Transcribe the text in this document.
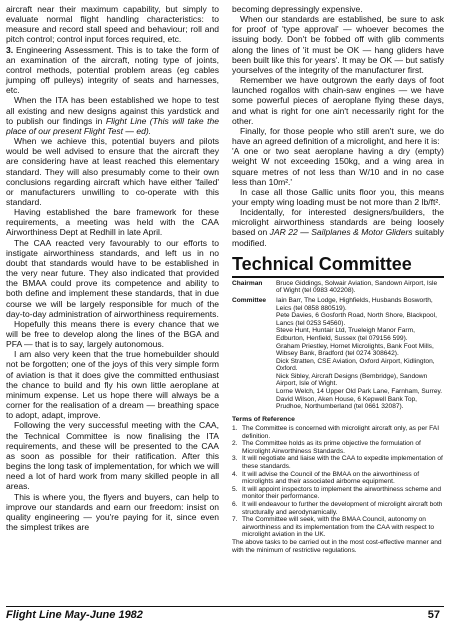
aircraft near their maximum capability, but simply to evaluate normal flight handling characteristics: to measure and record stall speed and behaviour; roll and pitch control; control input forces required, etc.

3. Engineering Assessment. This is to take the form of an examination of the aircraft, noting type of joints, control methods, potential problem areas (eg cables jumping off pulleys) integrity of seats and harnesses, etc.

When the ITA has been established we hope to test all existing and new designs against this yardstick and to publish our findings in Flight Line (This will take the place of our present Flight Test — ed).

When we achieve this, potential buyers and pilots would be well advised to ensure that the aircraft they are considering have at least reached this elementary standard. They will also presumably come to their own conclusions regarding aircraft which have either 'failed' or manufacturers unwilling to co-operate with this standard.

Having established the bare framework for these requirements, a meeting was held with the CAA Airworthiness Dept at Redhill in late April.

The CAA reacted very favourably to our efforts to instigate airworthiness standards, and left us in no doubt that standards would have to be established in the very near future. They also indicated that provided the BMAA could prove its competence and ability to both define and implement these standards, that in due course we will be largely responsible for much of the day-to-day administration of airworthiness requirements.

Hopefully this means there is every chance that we will be free to develop along the lines of the BGA and PFA — that is to say, largely autonomous.

I am also very keen that the true homebuilder should not be forgotten; one of the joys of this very simple form of aviation is that it does give the committed enthusiast the chance to build and fly his own little aeroplane at minimum expense. Let us hope there will always be a corner for the realisation of a dream — breathing space to adopt, adapt, improve.

Following the very successful meeting with the CAA, the Technical Committee is now finalising the ITA requirements, and these will be presented to the CAA as soon as possible for their ratification. After this begins the long task of implementation, for which we will need a lot of hard work from many skilled people in all areas.

This is where you, the flyers and buyers, can help to improve our standards and earn our freedom: insist on quality engineering — you're paying for it, since even the simplest trikes are

becoming depressingly expensive.

When our standards are established, be sure to ask for proof of 'type approval' — whoever becomes the issuing body. Don't be fobbed off with glib comments along the lines of 'it must be OK — hang gliders have been built like this for years'. It may be OK — but satisfy yourselves of the integrity of the manufacturer first.

Remember we have outgrown the early days of foot launched rogallos with chain-saw engines — we have some powerful pieces of aeroplane flying these days, and what is right for one ain't necessarily right for the other.

Finally, for those people who still aren't sure, we do have an agreed definition of a microlight, and here it is:

'A one or two seat aeroplane having a dry (empty) weight W not exceeding 150kg, and a wing area in square metres of not less than W/10 and in no case less than 10m².'

In case all those Gallic units floor you, this means your empty wing loading must be not more than 2 lb/ft².

Incidentally, for interested designers/builders, the microlight airworthiness standards are being loosely based on JAR 22 — Sailplanes & Motor Gliders suitably modified.

Technical Committee
Chairman	Bruce Giddings, Solwair Aviation, Sandown Airport, Isle of Wight (tel 0983 402208).
Committee	Iain Barr, The Lodge, Highfields, Husbands Bosworth, Leics (tel 0858 880519).
Pete Davies, 6 Gosforth Road, North Shore, Blackpool, Lancs (tel 0253 54560).
Steve Hunt, Huntair Ltd, Trueleigh Manor Farm, Edburton, Henfield, Sussex (tel 079156 599).
Graham Priestley, Hornet Microlights, Bank Foot Mills, Wibsey Bank, Bradford (tel 0274 308642).
Dick Stratten, CSE Aviation, Oxford Airport, Kidlington, Oxford.
Nick Sibley, Aircraft Designs (Bembridge), Sandown Airport, Isle of Wight.
Lorne Welch, 14 Upper Old Park Lane, Farnham, Surrey.
David Wilson, Aken House, 6 Kepwell Bank Top, Prudhoe, Northumberland (tel 0661 32087).
Terms of Reference
1. The Committee is concerned with microlight aircraft only, as per FAI definition.
2. The Committee holds as its prime objective the formulation of Microlight Airworthiness Standards.
3. It will negotiate and liaise with the CAA to expedite implementation of these standards.
4. It will advise the Council of the BMAA on the airworthiness of microlights and their associated airborne equipment.
5. It will appoint inspectors to implement the airworthiness scheme and monitor their performance.
6. It will endeavour to further the development of microlight aircraft both structurally and aerodynamically.
7. The Committee will seek, with the BMAA Council, autonomy on airworthiness and its implementation from the CAA with respect to microlight aviation in the UK.
The above tasks to be carried out in the most cost-effective manner and with the minimum of restrictive regulations.
Flight Line May-June 1982	57
